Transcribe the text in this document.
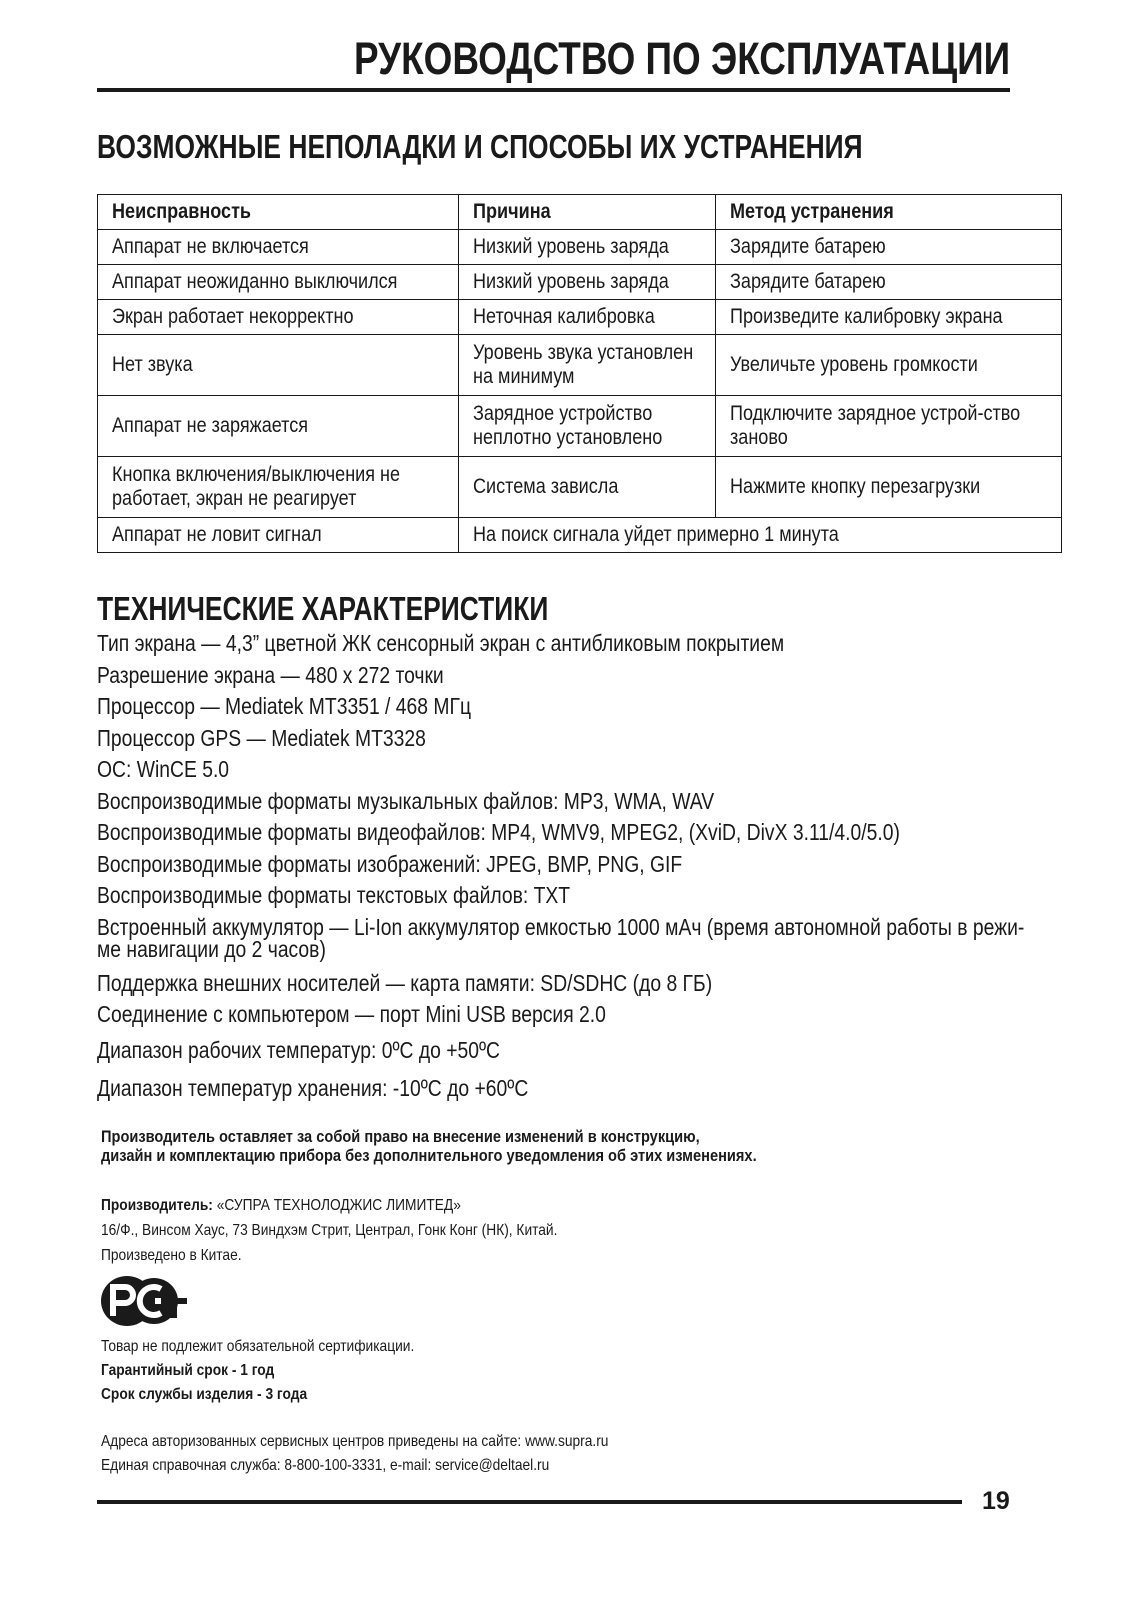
РУКОВОДСТВО ПО ЭКСПЛУАТАЦИИ
ВОЗМОЖНЫЕ НЕПОЛАДКИ И СПОСОБЫ ИХ УСТРАНЕНИЯ
Неисправность	Причина	Метод устранения
Аппарат не включается	Низкий уровень заряда	Зарядите батарею
Аппарат неожиданно выключился	Низкий уровень заряда	Зарядите батарею
Экран работает некорректно	Неточная калибровка	Произведите калибровку экрана
Нет звука	Уровень звука установлен на минимум	Увеличьте уровень громкости
Аппарат не заряжается	Зарядное устройство неплотно установлено	Подключите зарядное устрой-ство заново

Кнопка включения/выключения не работает, экран не реагирует	Система зависла	Нажмите кнопку перезагрузки
Аппарат не ловит сигнал	На поиск сигнала уйдет примерно 1 минута	
ТЕХНИЧЕСКИЕ ХАРАКТЕРИСТИКИ
Тип экрана — 4,3” цветной ЖК сенсорный экран с антибликовым покрытием
Разрешение экрана — 480 х 272 точки
Процессор — Mediatek MT3351 / 468 МГц
Процессор GPS — Mediatek MT3328
ОС: WinCE 5.0
Воспроизводимые форматы музыкальных файлов: MP3, WMA, WAV
Воспроизводимые форматы видеофайлов: MP4, WMV9, MPEG2, (XviD, DivX 3.11/4.0/5.0)
Воспроизводимые форматы изображений: JPEG, BMP, PNG, GIF
Воспроизводимые форматы текстовых файлов: TXT
Встроенный аккумулятор — Li-Ion аккумулятор емкостью 1000 мАч (время автономной работы в режи-ме навигации до 2 часов)
Поддержка внешних носителей — карта памяти: SD/SDHC (до 8 ГБ)
Соединение с компьютером — порт Mini USB версия 2.0
Диапазон рабочих температур: 0ºC до +50ºC
Диапазон температур хранения: -10ºC до +60ºC
Производитель оставляет за собой право на внесение изменений в конструкцию,
дизайн и комплектацию прибора без дополнительного уведомления об этих изменениях.
Производитель: «СУПРА ТЕХНОЛОДЖИС ЛИМИТЕД»
16/Ф., Винсом Хаус, 73 Виндхэм Стрит, Централ, Гонк Конг (НК), Китай.
Произведено в Китае.
Товар не подлежит обязательной сертификации.
Гарантийный срок - 1 год
Срок службы изделия - 3 года
Адреса авторизованных сервисных центров приведены на сайте: www.supra.ru
Единая справочная служба: 8-800-100-3331, e-mail: service@deltael.ru
19
